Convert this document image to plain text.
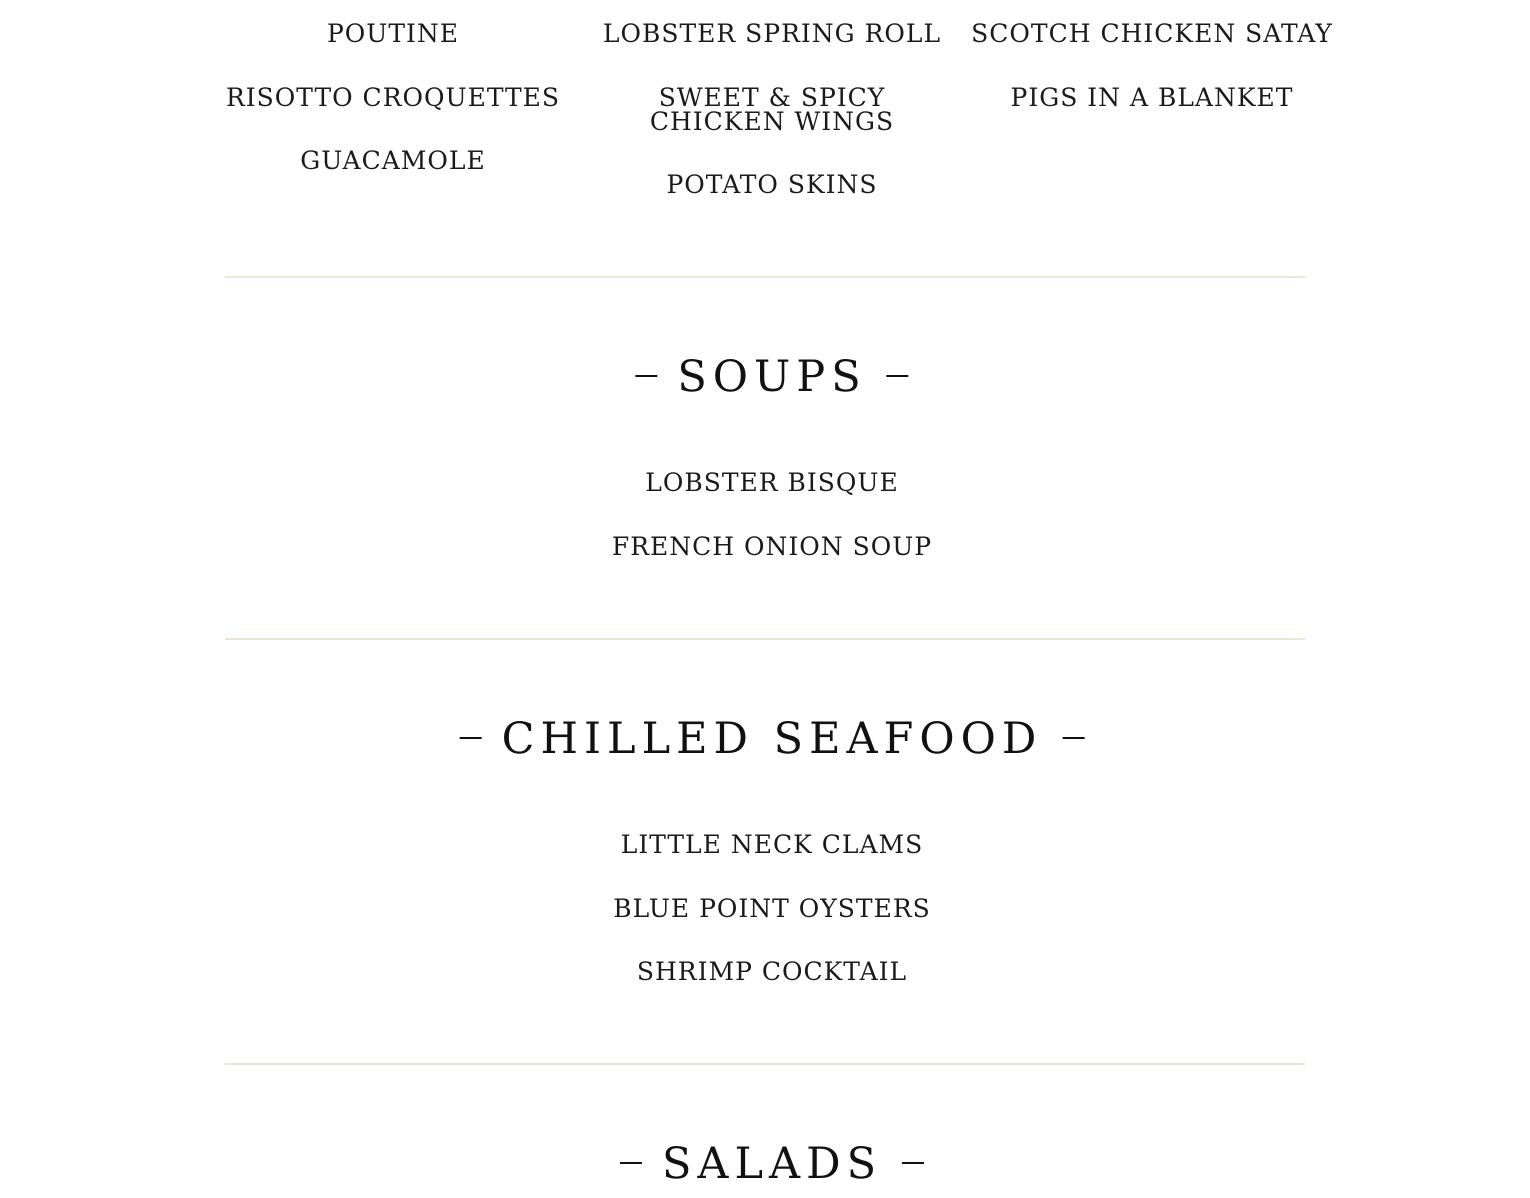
POUTINE
RISOTTO CROQUETTES
GUACAMOLE
LOBSTER SPRING ROLL
SWEET & SPICY CHICKEN WINGS
POTATO SKINS
SCOTCH CHICKEN SATAY
PIGS IN A BLANKET
SOUPS
LOBSTER BISQUE
FRENCH ONION SOUP
CHILLED SEAFOOD
LITTLE NECK CLAMS
BLUE POINT OYSTERS
SHRIMP COCKTAIL
SALADS
